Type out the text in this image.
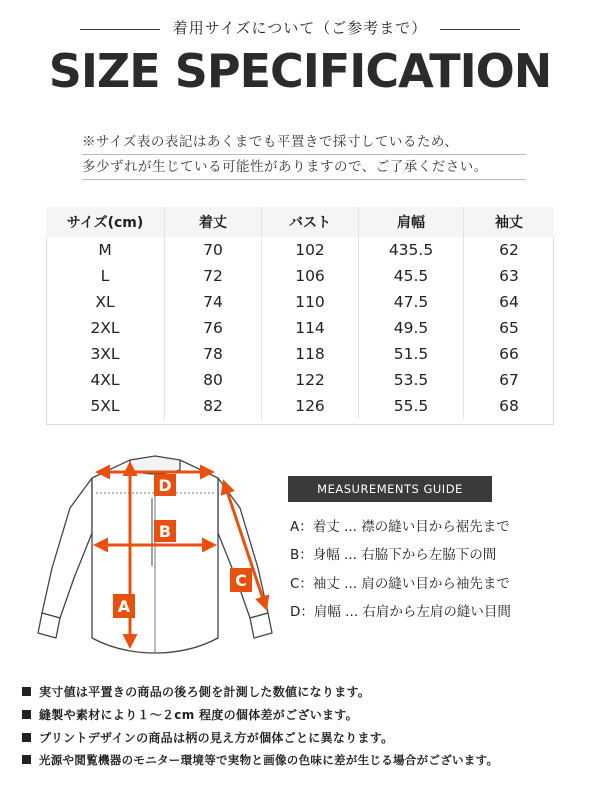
着用サイズについて（ご参考まで）
SIZE SPECIFICATION
※サイズ表の表記はあくまでも平置きで採寸しているため、
多少ずれが生じている可能性がありますので、ご了承ください。
サイズ(cm)	着丈	バスト	肩幅	袖丈
M	70	102	435.5	62
L	72	106	45.5	63
XL	74	110	47.5	64
2XL	76	114	49.5	65
3XL	78	118	51.5	66
4XL	80	122	53.5	67
5XL	82	126	55.5	68
D
B
A
C
MEASUREMENTS GUIDE
A：着丈 ... 襟の縫い目から裾先まで
B：身幅 ... 右脇下から左脇下の間
C：袖丈 ... 肩の縫い目から袖先まで
D：肩幅 ... 右肩から左肩の縫い目間
実寸値は平置きの商品の後ろ側を計測した数値になります。
縫製や素材により１～２cm 程度の個体差がございます。
プリントデザインの商品は柄の見え方が個体ごとに異なります。
光源や閲覧機器のモニター環境等で実物と画像の色味に差が生じる場合がございます。
